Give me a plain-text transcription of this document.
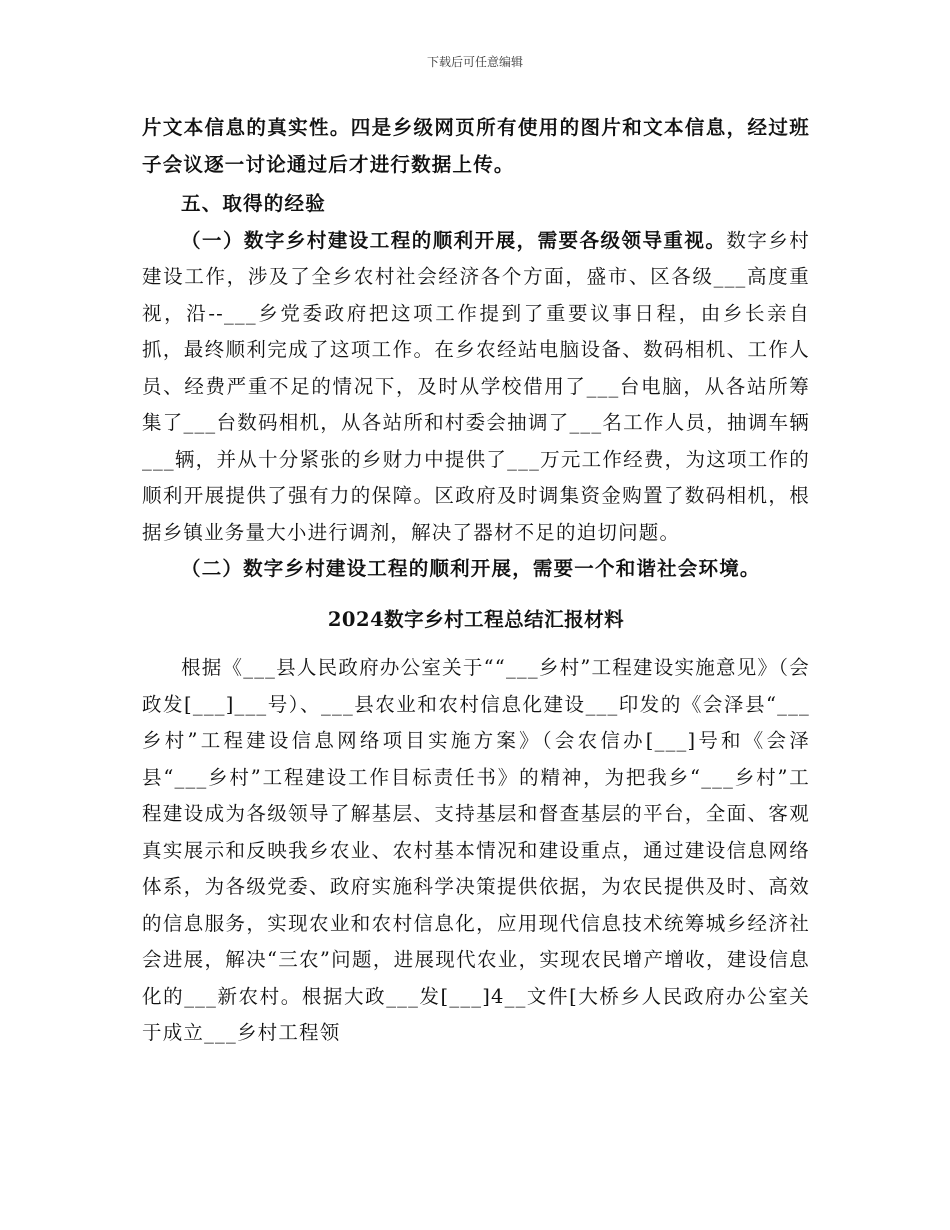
下载后可任意编辑

片文本信息的真实性。四是乡级网页所有使用的图片和文本信息，经过班子会议逐一讨论通过后才进行数据上传。

五、取得的经验

（一）数字乡村建设工程的顺利开展，需要各级领导重视。数字乡村建设工作，涉及了全乡农村社会经济各个方面，盛市、区各级___高度重视，沿--___乡党委政府把这项工作提到了重要议事日程，由乡长亲自抓，最终顺利完成了这项工作。在乡农经站电脑设备、数码相机、工作人员、经费严重不足的情况下，及时从学校借用了___台电脑，从各站所筹集了___台数码相机，从各站所和村委会抽调了___名工作人员，抽调车辆___辆，并从十分紧张的乡财力中提供了___万元工作经费，为这项工作的顺利开展提供了强有力的保障。区政府及时调集资金购置了数码相机，根据乡镇业务量大小进行调剂，解决了器材不足的迫切问题。

（二）数字乡村建设工程的顺利开展，需要一个和谐社会环境。

2024数字乡村工程总结汇报材料

根据《___县人民政府办公室关于““___乡村”工程建设实施意见》（会政发[___]___号）、___县农业和农村信息化建设___印发的《会泽县“___乡村”工程建设信息网络项目实施方案》（会农信办[___]号和《会泽县“___乡村”工程建设工作目标责任书》的精神，为把我乡“___乡村”工程建设成为各级领导了解基层、支持基层和督查基层的平台，全面、客观真实展示和反映我乡农业、农村基本情况和建设重点，通过建设信息网络体系，为各级党委、政府实施科学决策提供依据，为农民提供及时、高效的信息服务，实现农业和农村信息化，应用现代信息技术统筹城乡经济社会进展，解决“三农”问题，进展现代农业，实现农民增产增收，建设信息化的___新农村。根据大政___发[___]4__文件[大桥乡人民政府办公室关于成立___乡村工程领
